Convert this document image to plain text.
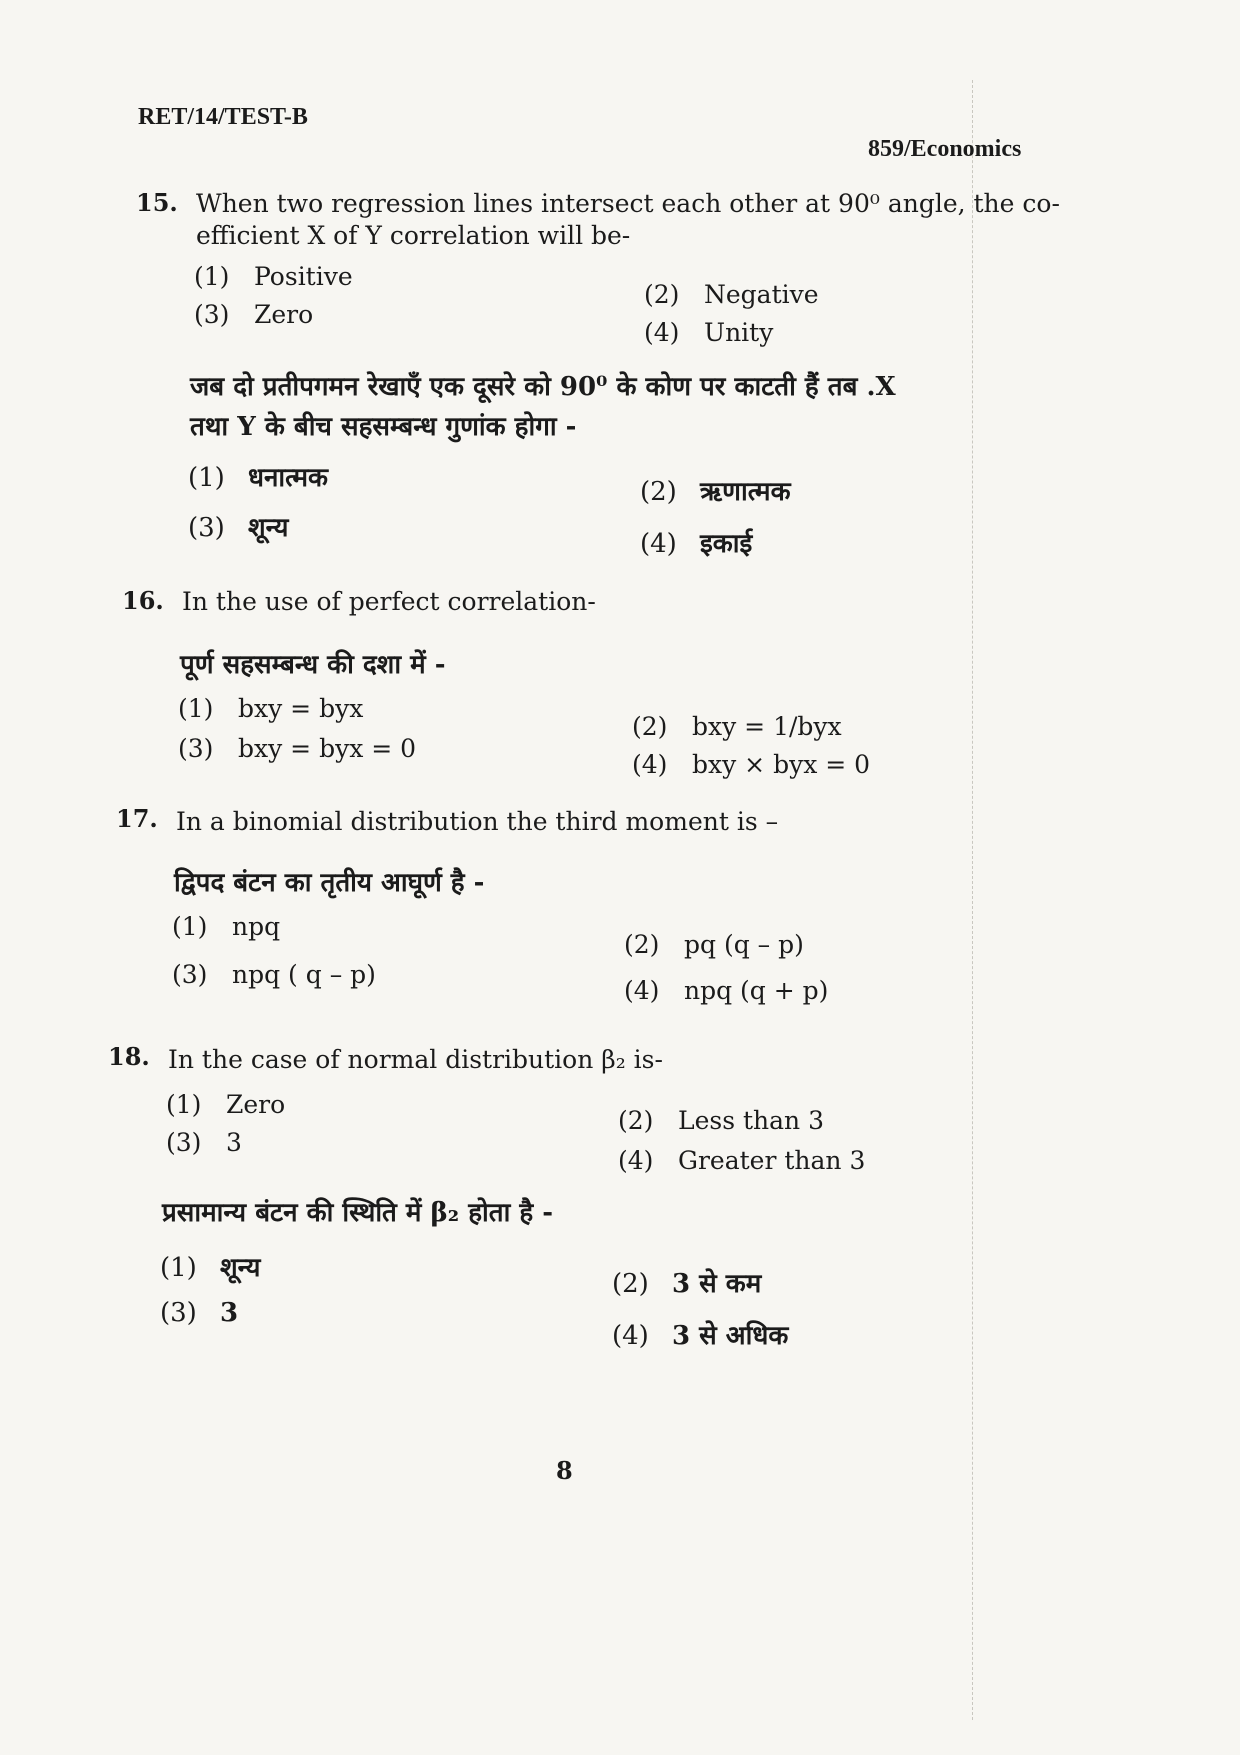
RET/14/TEST-B
859/Economics
15. When two regression lines intersect each other at 90⁰ angle, the co-
efficient X of Y correlation will be-
(1) Positive
(2) Negative
(3) Zero
(4) Unity
जब दो प्रतीपगमन रेखाएँ एक दूसरे को 90⁰ के कोण पर काटती हैं तब .X
तथा Y के बीच सहसम्बन्ध गुणांक होगा -
(1) धनात्मक	(2) ऋणात्मक
(3) शून्य
(4) इकाई
16. In the use of perfect correlation-
पूर्ण सहसम्बन्ध की दशा में -
(1) bxy = byx
(2) bxy = 1/byx
(3) bxy = byx = 0
(4) bxy × byx = 0
17. In a binomial distribution the third moment is –
द्विपद बंटन का तृतीय आघूर्ण है -
(1) npq
(2) pq (q – p)
(3) npq ( q – p)
(4) npq (q + p)
18. In the case of normal distribution β₂ is-
(1) Zero
(2) Less than 3
(3) 3
(4) Greater than 3
प्रसामान्य बंटन की स्थिति में β₂ होता है -
(1) शून्य
(2) 3 से कम
(3) 3
(4) 3 से अधिक
8
